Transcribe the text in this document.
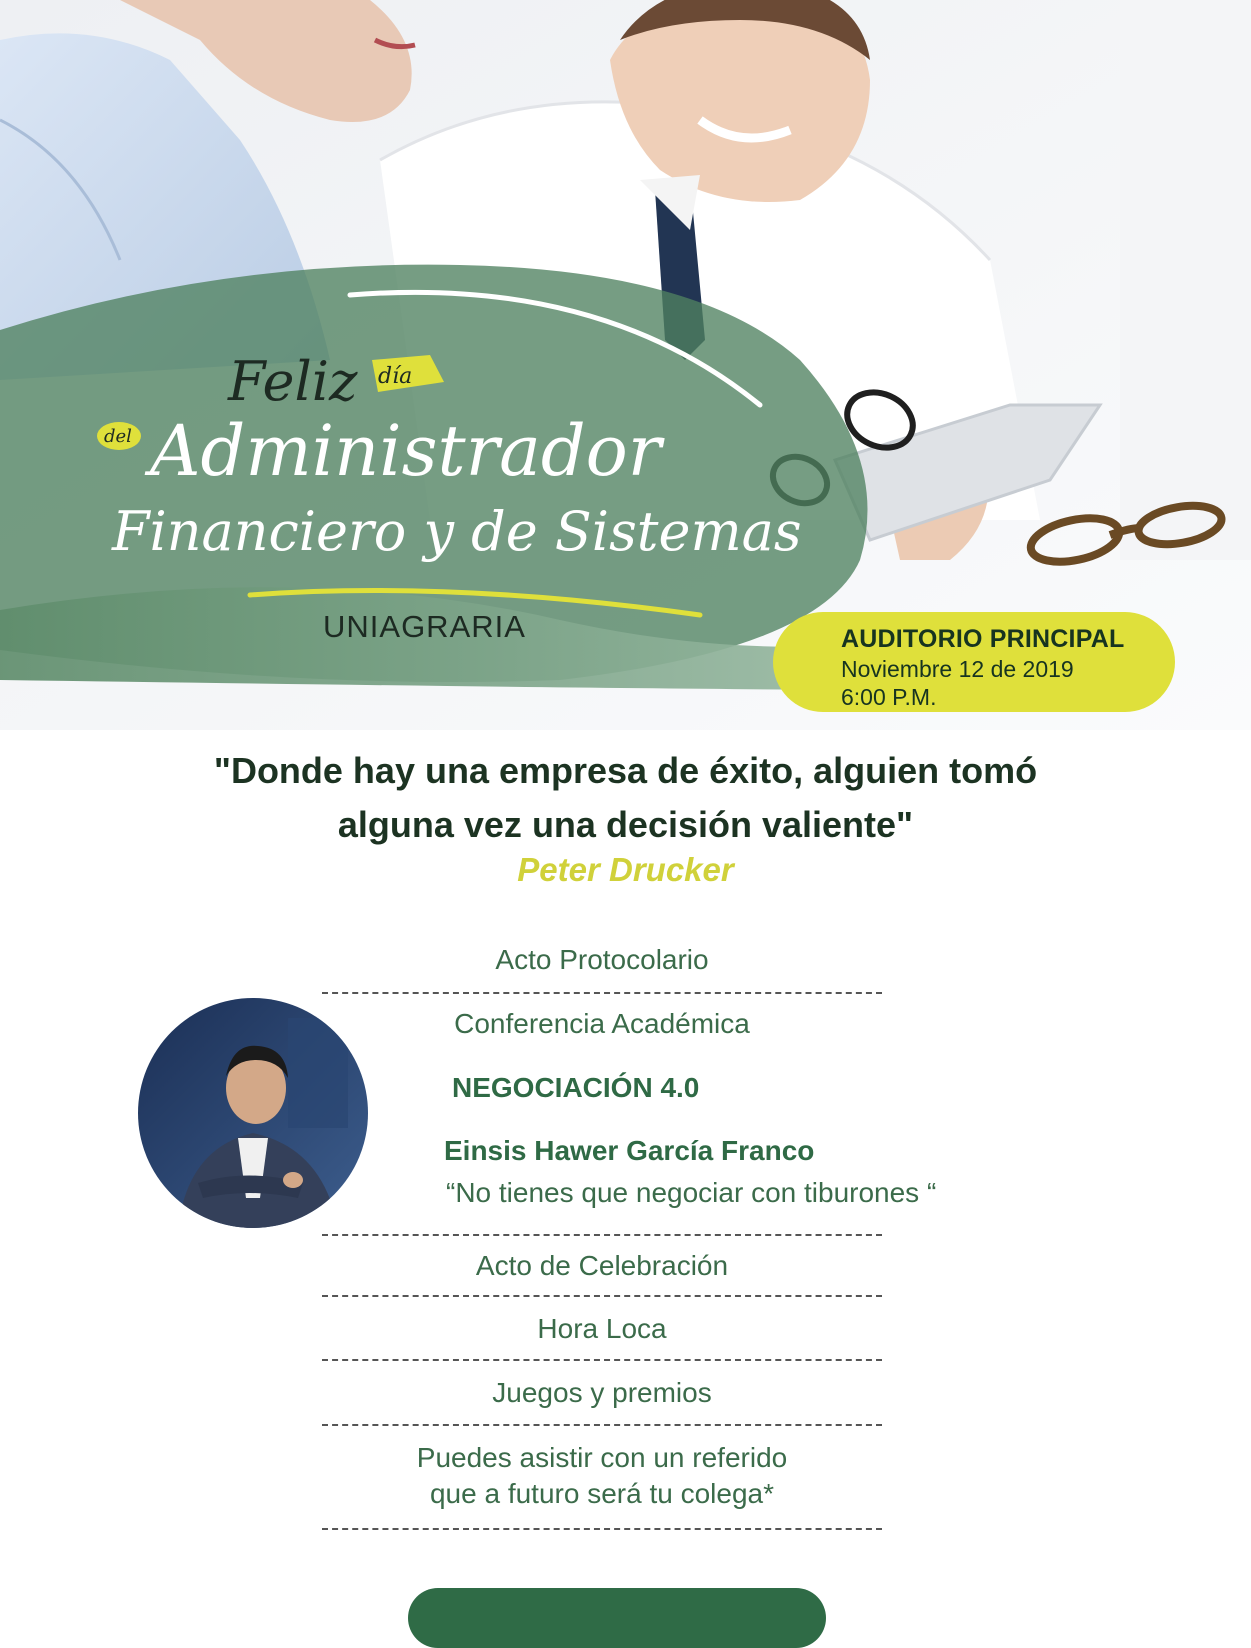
Feliz día
del Administrador
Financiero y de Sistemas
UNIAGRARIA	AUDITORIO PRINCIPAL
Noviembre 12 de 2019
6:00 P.M.
"Donde hay una empresa de éxito, alguien tomó
alguna vez una decisión valiente"
Peter Drucker
Acto Protocolario
Conferencia Académica
NEGOCIACIÓN 4.0
Einsis Hawer García Franco
“No tienes que negociar con tiburones “
Acto de Celebración
Hora Loca
Juegos y premios
Puedes asistir con un referido
que a futuro será tu colega*
